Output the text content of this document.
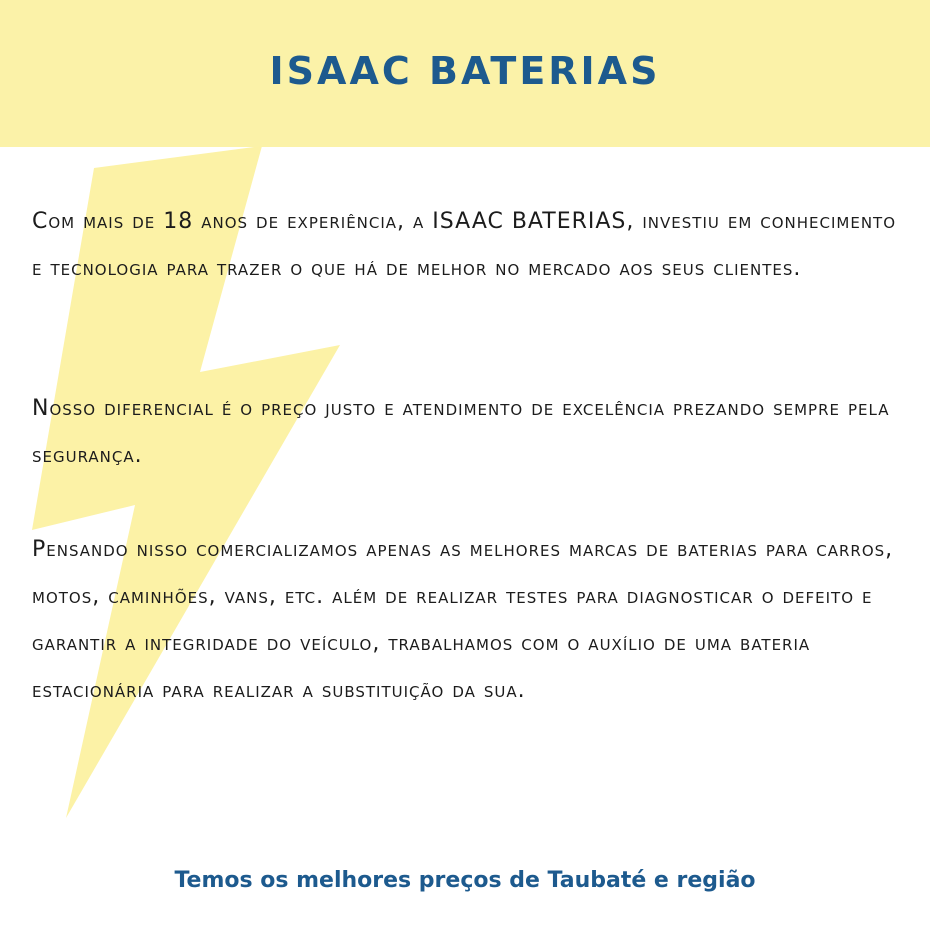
ISAAC BATERIAS
Com mais de 18 anos de experiência, a ISAAC BATERIAS, investiu em conhecimento e tecnologia para trazer o que há de melhor no mercado aos seus clientes.
Nosso diferencial é o preço justo e atendimento de excelência prezando sempre pela segurança.
Pensando nisso comercializamos apenas as melhores marcas de baterias para carros, motos, caminhões, vans, etc. além de realizar testes para diagnosticar o defeito e garantir a integridade do veículo, trabalhamos com o auxílio de uma bateria estacionária para realizar a substituição da sua.
Temos os melhores preços de Taubaté e região
